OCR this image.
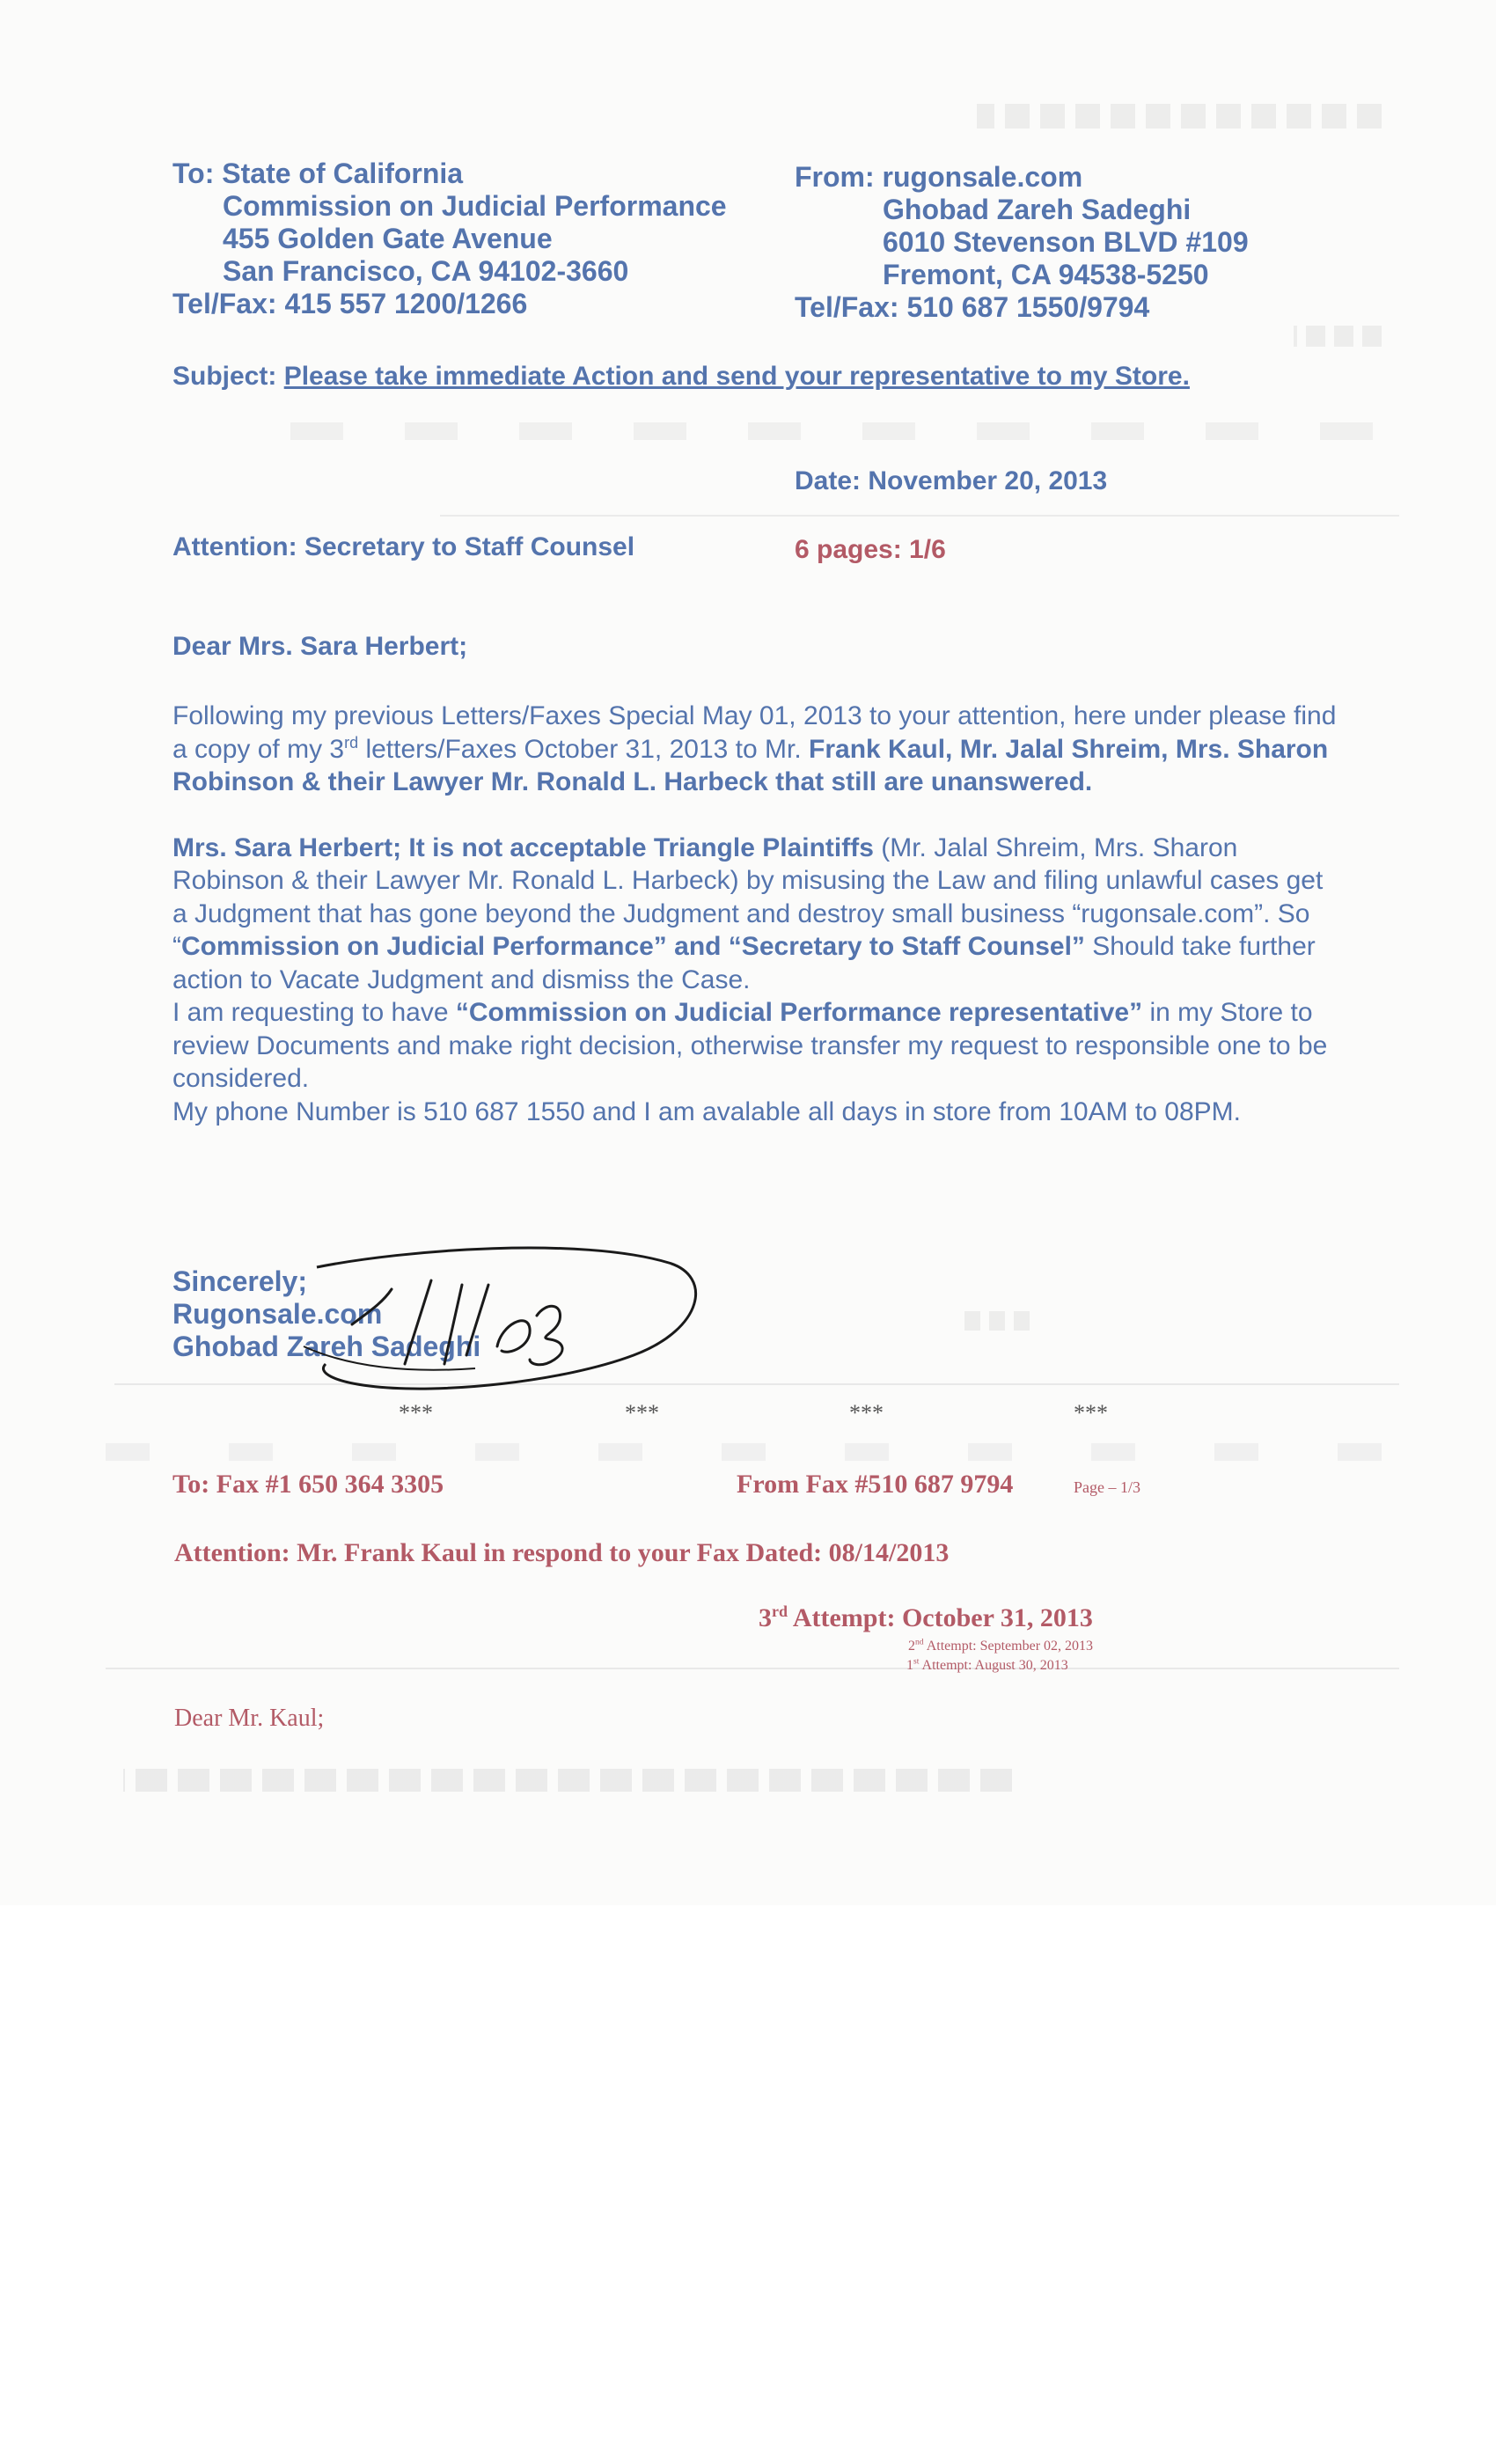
To: State of California
Commission on Judicial Performance
455 Golden Gate Avenue
San Francisco, CA 94102-3660
Tel/Fax: 415 557 1200/1266
From: rugonsale.com
Ghobad Zareh Sadeghi
6010 Stevenson BLVD #109
Fremont, CA 94538-5250
Tel/Fax: 510 687 1550/9794
Subject: Please take immediate Action and send your representative to my Store.
Date: November 20, 2013
Attention: Secretary to Staff Counsel	6 pages: 1/6
Dear Mrs. Sara Herbert;

Following my previous Letters/Faxes Special May 01, 2013 to your attention, here under please find a copy of my 3rd letters/Faxes October 31, 2013 to Mr. Frank Kaul, Mr. Jalal Shreim, Mrs. Sharon Robinson & their Lawyer Mr. Ronald L. Harbeck that still are unanswered.

Mrs. Sara Herbert; It is not acceptable Triangle Plaintiffs (Mr. Jalal Shreim, Mrs. Sharon Robinson & their Lawyer Mr. Ronald L. Harbeck) by misusing the Law and filing unlawful cases get a Judgment that has gone beyond the Judgment and destroy small business “rugonsale.com”. So “Commission on Judicial Performance” and “Secretary to Staff Counsel” Should take further action to Vacate Judgment and dismiss the Case.

I am requesting to have “Commission on Judicial Performance representative” in my Store to review Documents and make right decision, otherwise transfer my request to responsible one to be considered.

My phone Number is 510 687 1550 and I am avalable all days in store from 10AM to 08PM.

Sincerely;
Rugonsale.com
Ghobad Zareh Sadeghi
11/11/2013
***	***	***	***
To: Fax #1 650 364 3305	From Fax #510 687 9794	Page – 1/3
Attention: Mr. Frank Kaul in respond to your Fax Dated: 08/14/2013
3rd Attempt: October 31, 2013
2nd Attempt: September 02, 2013
1st Attempt: August 30, 2013
Dear Mr. Kaul;
